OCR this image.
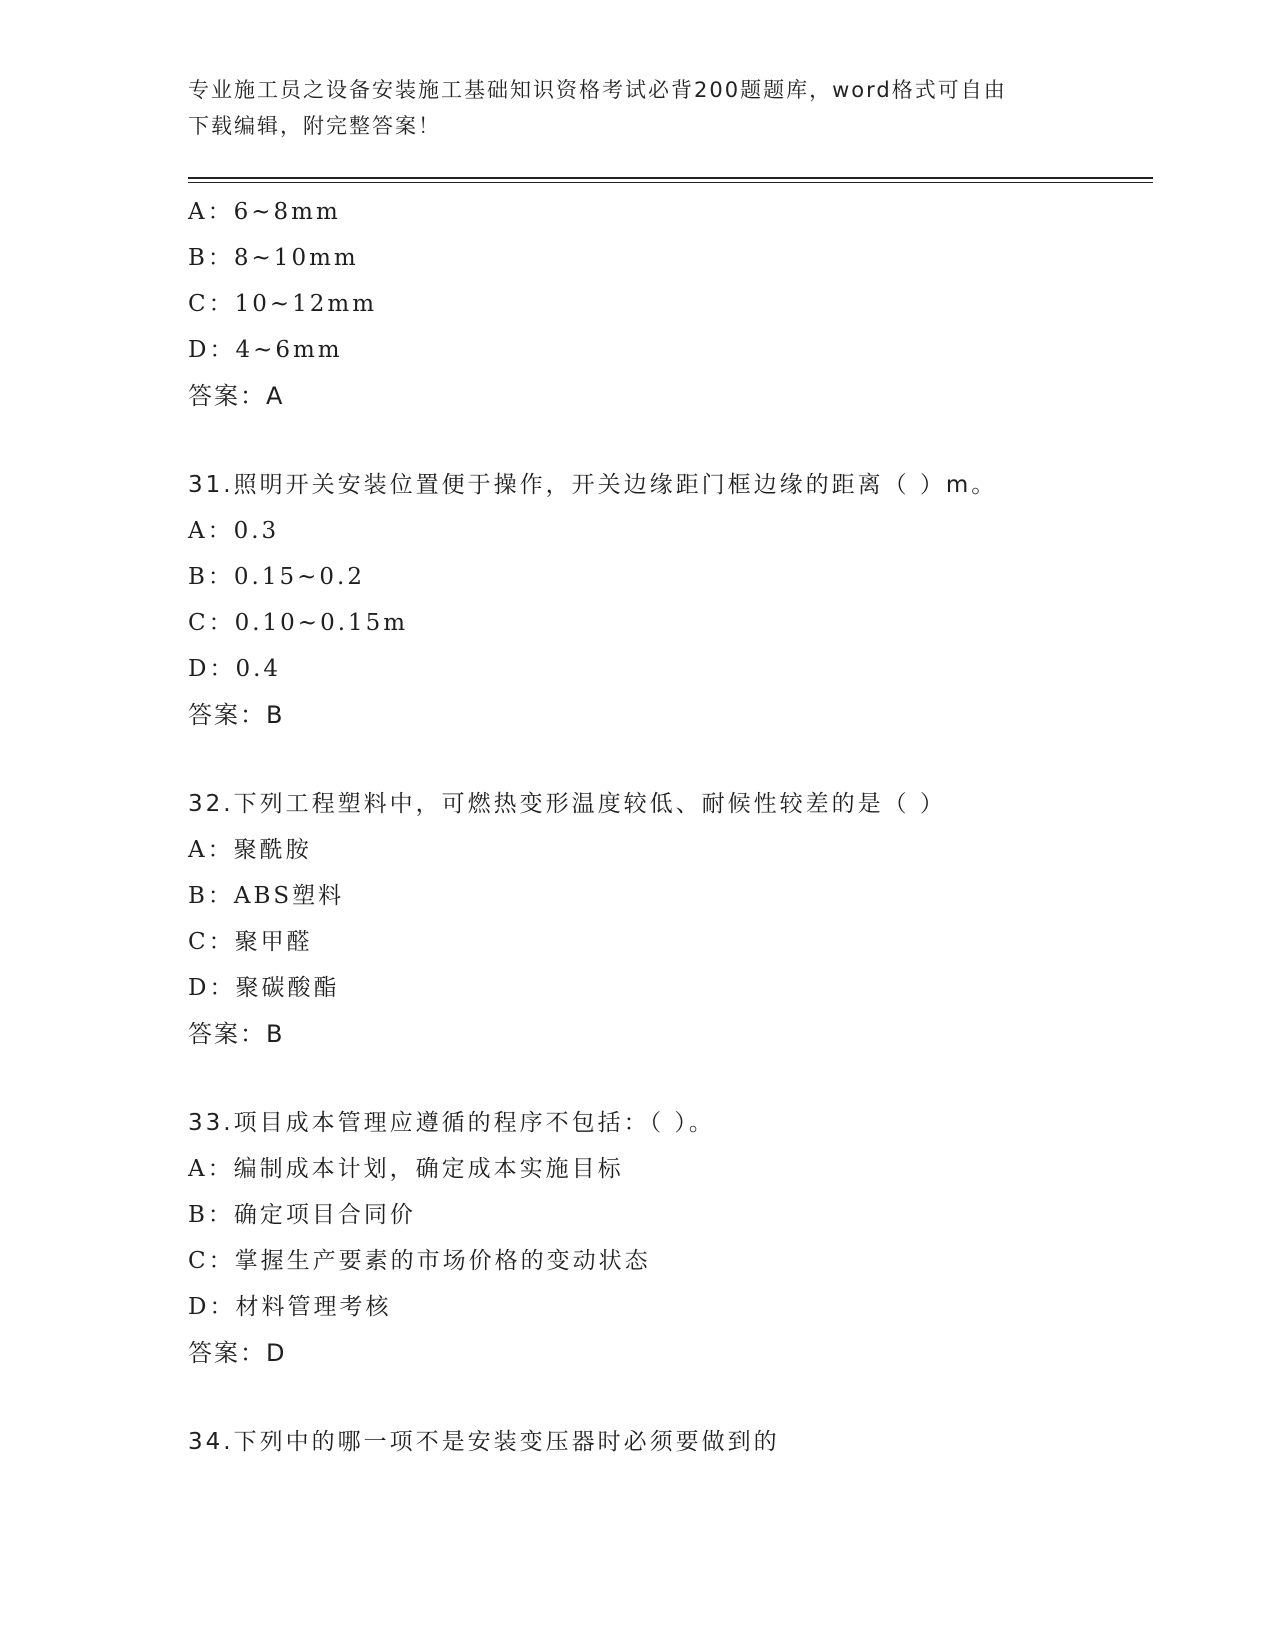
专业施工员之设备安装施工基础知识资格考试必背200题题库，word格式可自由
下载编辑，附完整答案！
A：6~8mm
B：8~10mm
C：10~12mm
D：4~6mm
答案：A
31.照明开关安装位置便于操作，开关边缘距门框边缘的距离（ ）m。
A：0.3
B：0.15~0.2
C：0.10~0.15m
D：0.4
答案：B
32.下列工程塑料中，可燃热变形温度较低、耐候性较差的是（ ）
A：聚酰胺
B：ABS塑料
C：聚甲醛
D：聚碳酸酯
答案：B
33.项目成本管理应遵循的程序不包括：（ ）。
A：编制成本计划，确定成本实施目标
B：确定项目合同价
C：掌握生产要素的市场价格的变动状态
D：材料管理考核
答案：D
34.下列中的哪一项不是安装变压器时必须要做到的
